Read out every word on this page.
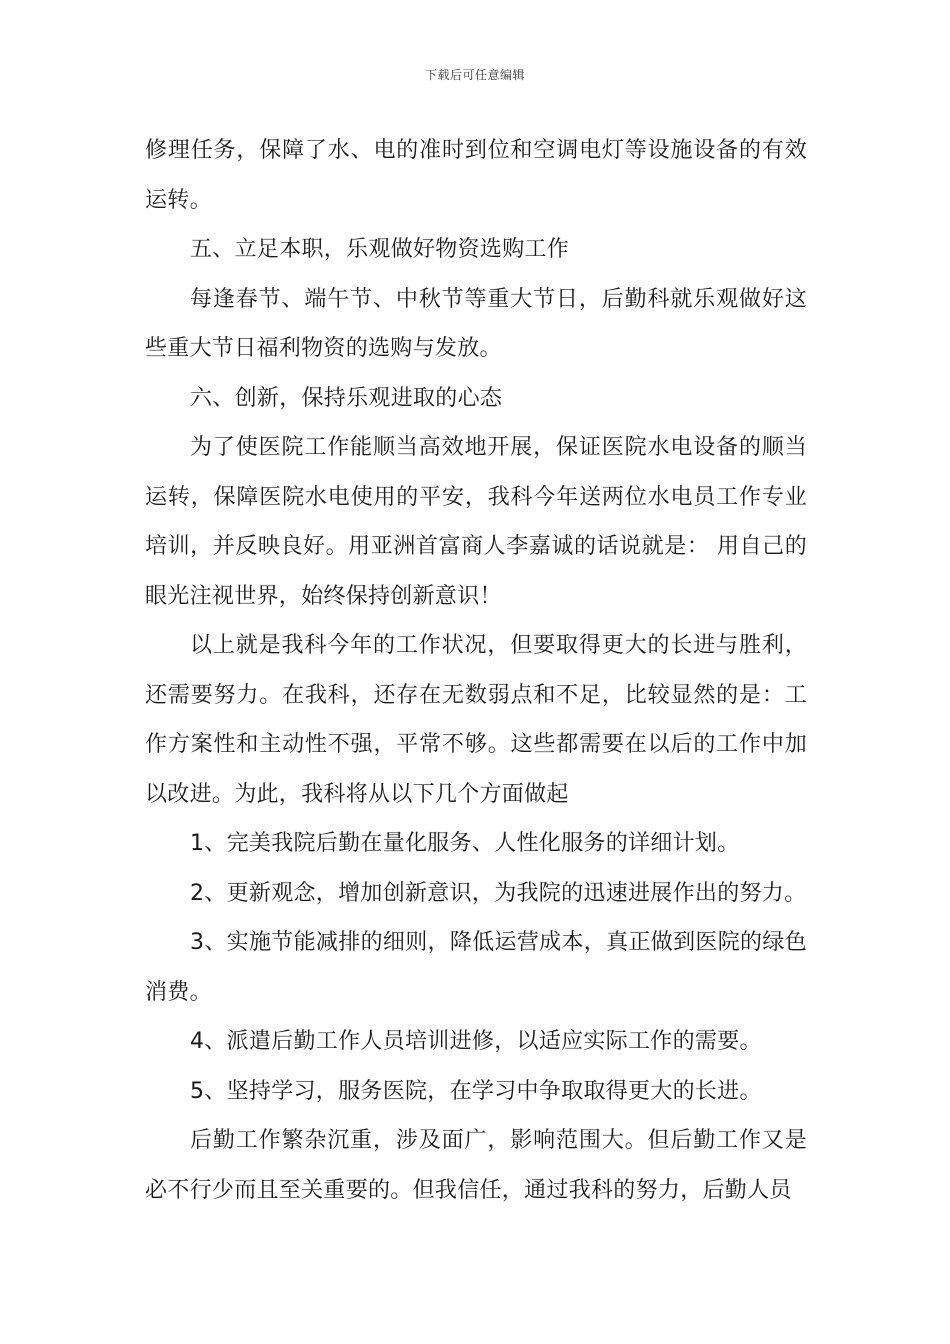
下载后可任意编辑

修理任务，保障了水、电的准时到位和空调电灯等设施设备的有效运转。

五、立足本职，乐观做好物资选购工作

每逢春节、端午节、中秋节等重大节日，后勤科就乐观做好这些重大节日福利物资的选购与发放。

六、创新，保持乐观进取的心态

为了使医院工作能顺当高效地开展，保证医院水电设备的顺当运转，保障医院水电使用的平安，我科今年送两位水电员工作专业培训，并反映良好。用亚洲首富商人李嘉诚的话说就是： 用自己的眼光注视世界，始终保持创新意识！

以上就是我科今年的工作状况，但要取得更大的长进与胜利，还需要努力。在我科，还存在无数弱点和不足，比较显然的是：工作方案性和主动性不强，平常不够。这些都需要在以后的工作中加以改进。为此，我科将从以下几个方面做起

1、完美我院后勤在量化服务、人性化服务的详细计划。

2、更新观念，增加创新意识，为我院的迅速进展作出的努力。

3、实施节能减排的细则，降低运营成本，真正做到医院的绿色消费。

4、派遣后勤工作人员培训进修，以适应实际工作的需要。

5、坚持学习，服务医院，在学习中争取取得更大的长进。

后勤工作繁杂沉重，涉及面广，影响范围大。但后勤工作又是必不行少而且至关重要的。但我信任，通过我科的努力，后勤人员
